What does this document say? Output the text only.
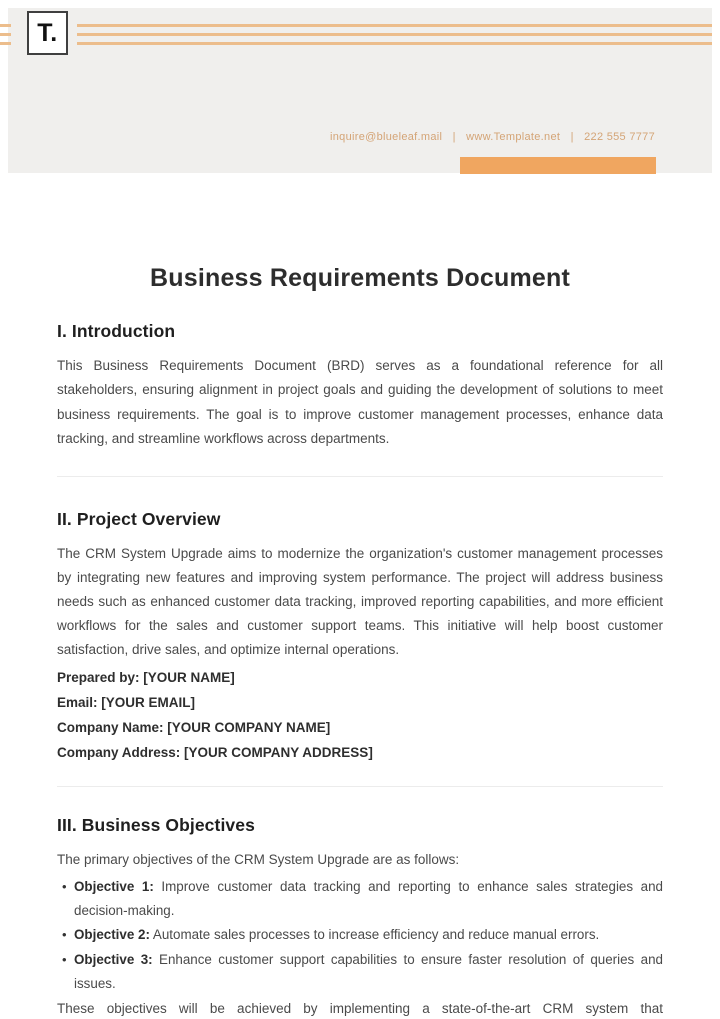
T.
inquire@blueleaf.mail | www.Template.net | 222 555 7777
Business Requirements Document
I. Introduction

This Business Requirements Document (BRD) serves as a foundational reference for all stakeholders, ensuring alignment in project goals and guiding the development of solutions to meet business requirements. The goal is to improve customer management processes, enhance data tracking, and streamline workflows across departments.

II. Project Overview

The CRM System Upgrade aims to modernize the organization's customer management processes by integrating new features and improving system performance. The project will address business needs such as enhanced customer data tracking, improved reporting capabilities, and more efficient workflows for the sales and customer support teams. This initiative will help boost customer satisfaction, drive sales, and optimize internal operations.

Prepared by: [YOUR NAME]
Email: [YOUR EMAIL]
Company Name: [YOUR COMPANY NAME]
Company Address: [YOUR COMPANY ADDRESS]
III. Business Objectives

The primary objectives of the CRM System Upgrade are as follows:

• Objective 1: Improve customer data tracking and reporting to enhance sales strategies and decision-making.
• Objective 2: Automate sales processes to increase efficiency and reduce manual errors.
• Objective 3: Enhance customer support capabilities to ensure faster resolution of queries and issues.

These objectives will be achieved by implementing a state-of-the-art CRM system that
